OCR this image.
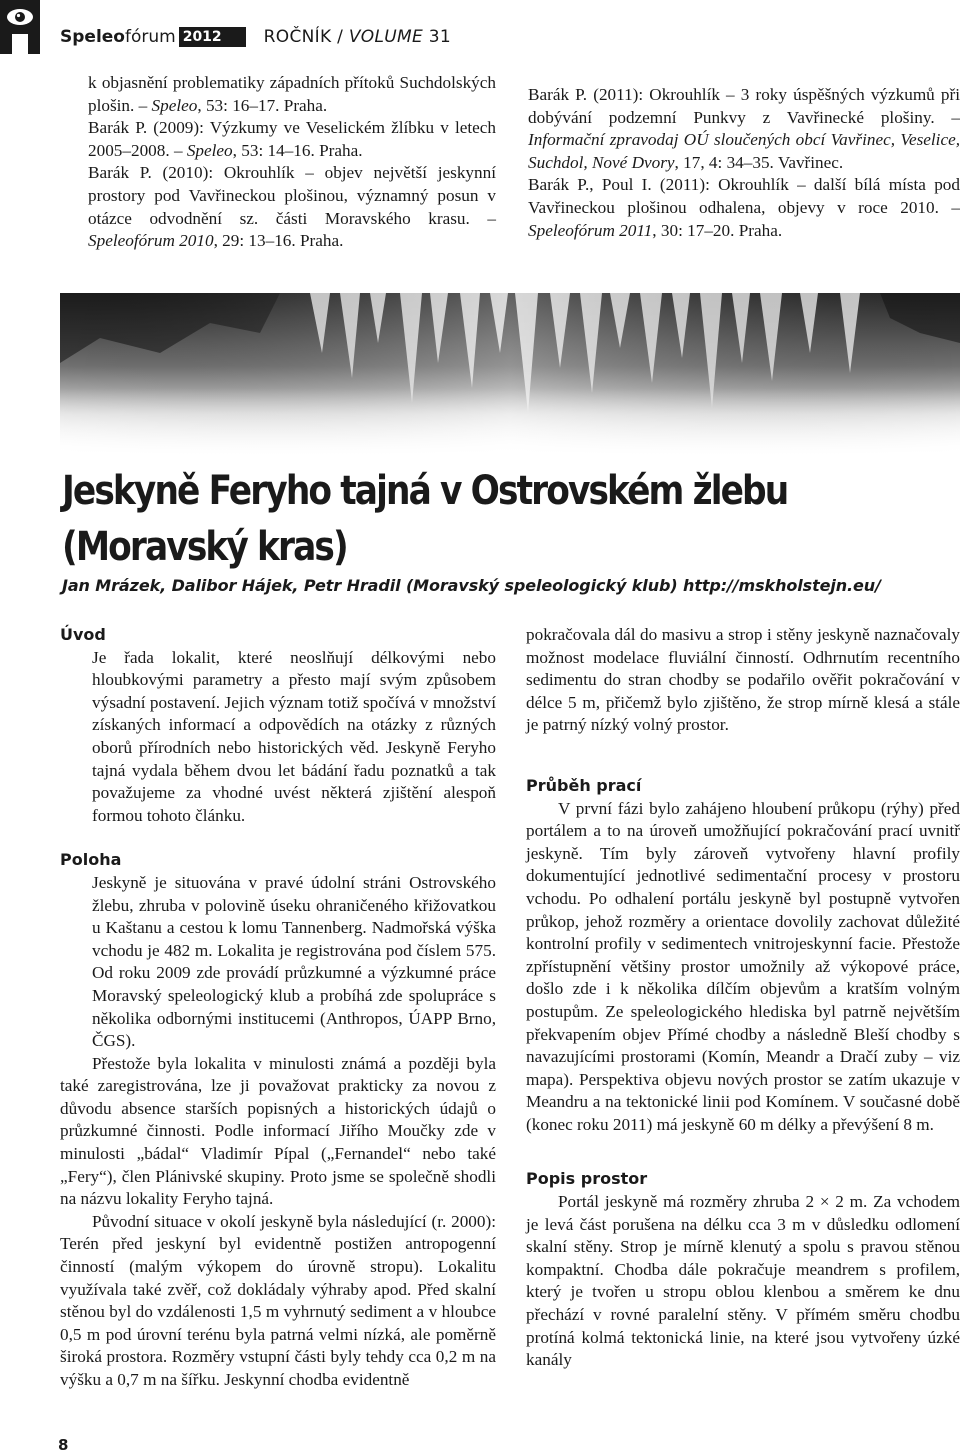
Speleofórum 2012	ROČNÍK / VOLUME 31

k objasnění problematiky západních přítoků Suchdolských plošin. – Speleo, 53: 16–17. Praha.

Barák P. (2009): Výzkumy ve Veselickém žlíbku v letech 2005–2008. – Speleo, 53: 14–16. Praha.

Barák P. (2010): Okrouhlík – objev největší jeskynní prostory pod Vavřineckou plošinou, významný posun v otázce odvodnění sz. části Moravského krasu. – Speleofórum 2010, 29: 13–16. Praha.

Barák P. (2011): Okrouhlík – 3 roky úspěšných výzkumů při dobývání podzemní Punkvy z Vavřinecké plošiny. – Informační zpravodaj OÚ sloučených obcí Vavřinec, Veselice, Suchdol, Nové Dvory, 17, 4: 34–35. Vavřinec.

Barák P., Poul I. (2011): Okrouhlík – další bílá místa pod Vavřineckou plošinou odhalena, objevy v roce 2010. – Speleofórum 2011, 30: 17–20. Praha.

Jeskyně Feryho tajná v Ostrovském žlebu (Moravský kras)

Jan Mrázek, Dalibor Hájek, Petr Hradil (Moravský speleologický klub) http://mskholstejn.eu/

Úvod

Je řada lokalit, které neoslňují délkovými nebo hloubkovými parametry a přesto mají svým způsobem výsadní postavení. Jejich význam totiž spočívá v množství získaných informací a odpovědích na otázky z různých oborů přírodních nebo historických věd. Jeskyně Feryho tajná vydala během dvou let bádání řadu poznatků a tak považujeme za vhodné uvést některá zjištění alespoň formou tohoto článku.

Poloha

Jeskyně je situována v pravé údolní stráni Ostrovského žlebu, zhruba v polovině úseku ohraničeného křižovatkou u Kaštanu a cestou k lomu Tannenberg. Nadmořská výška vchodu je 482 m. Lokalita je registrována pod číslem 575. Od roku 2009 zde provádí průzkumné a výzkumné práce Moravský speleologický klub a probíhá zde spolupráce s několika odbornými institucemi (Anthropos, ÚAPP Brno, ČGS).

Přestože byla lokalita v minulosti známá a později byla také zaregistrována, lze ji považovat prakticky za novou z důvodu absence starších popisných a historických údajů o průzkumné činnosti. Podle informací Jiřího Moučky zde v minulosti „bádal“ Vladimír Pípal („Fernandel“ nebo také „Fery“), člen Plánivské skupiny. Proto jsme se společně shodli na názvu lokality Feryho tajná.

Původní situace v okolí jeskyně byla následující (r. 2000): Terén před jeskyní byl evidentně postižen antropogenní činností (malým výkopem do úrovně stropu). Lokalitu využívala také zvěř, což dokládaly výhraby apod. Před skalní stěnou byl do vzdálenosti 1,5 m vyhrnutý sediment a v hloubce 0,5 m pod úrovní terénu byla patrná velmi nízká, ale poměrně široká prostora. Rozměry vstupní části byly tehdy cca 0,2 m na výšku a 0,7 m na šířku. Jeskynní chodba evidentně

pokračovala dál do masivu a strop i stěny jeskyně naznačovaly možnost modelace fluviální činností. Odhrnutím recentního sedimentu do stran chodby se podařilo ověřit pokračování v délce 5 m, přičemž bylo zjištěno, že strop mírně klesá a stále je patrný nízký volný prostor.

Průběh prací

V první fázi bylo zahájeno hloubení průkopu (rýhy) před portálem a to na úroveň umožňující pokračování prací uvnitř jeskyně. Tím byly zároveň vytvořeny hlavní profily dokumentující jednotlivé sedimentační procesy v prostoru vchodu. Po odhalení portálu jeskyně byl postupně vytvořen průkop, jehož rozměry a orientace dovolily zachovat důležité kontrolní profily v sedimentech vnitrojeskynní facie. Přestože zpřístupnění většiny prostor umožnily až výkopové práce, došlo zde i k několika dílčím objevům a kratším volným postupům. Ze speleologického hlediska byl patrně největším překvapením objev Přímé chodby a následně Bleší chodby s navazujícími prostorami (Komín, Meandr a Dračí zuby – viz mapa). Perspektiva objevu nových prostor se zatím ukazuje v Meandru a na tektonické linii pod Komínem. V současné době (konec roku 2011) má jeskyně 60 m délky a převýšení 8 m.

Popis prostor

Portál jeskyně má rozměry zhruba 2 × 2 m. Za vchodem je levá část porušena na délku cca 3 m v důsledku odlomení skalní stěny. Strop je mírně klenutý a spolu s pravou stěnou kompaktní. Chodba dále pokračuje meandrem s profilem, který je tvořen u stropu oblou klenbou a směrem ke dnu přechází v rovné paralelní stěny. V přímém směru chodbu protíná kolmá tektonická linie, na které jsou vytvořeny úzké kanály

8
